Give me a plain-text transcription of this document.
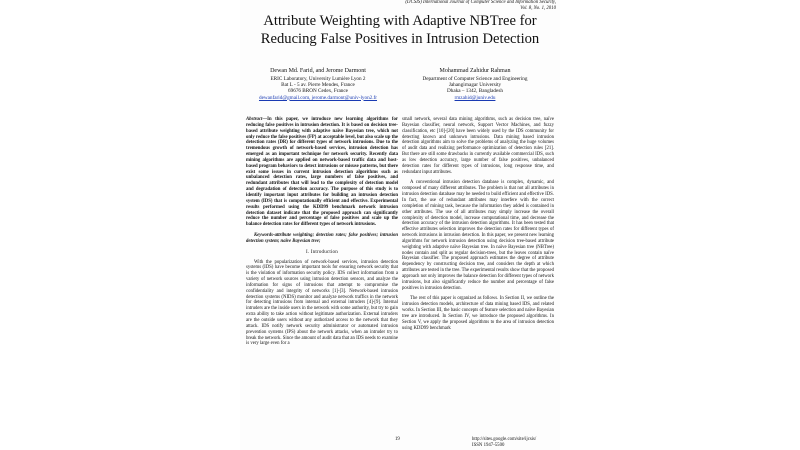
(IJCSIS) International Journal of Computer Science and Information Security,
Vol. 8, No. 1, 2010
Attribute Weighting with Adaptive NBTree for
Reducing False Positives in Intrusion Detection
Dewan Md. Farid, and Jerome Darmont
ERIC Laboratory, University Lumière Lyon 2
Bat L - 5 av. Pierre Mendes, France
69676 BRON Cedex, France
dewanfarid@gmail.com, jerome.darmont@univ-lyon2.fr
Mohammad Zahidur Rahman
Department of Computer Science and Engineering
Jahangirnagar University
Dhaka – 1342, Bangladesh
rmzahid@juniv.edu

Abstract—In this paper, we introduce new learning algorithms for reducing false positives in intrusion detection. It is based on decision tree-based attribute weighting with adaptive naïve Bayesian tree, which not only reduce the false positives (FP) at acceptable level, but also scale up the detection rates (DR) for different types of network intrusions. Due to the tremendous growth of network-based services, intrusion detection has emerged as an important technique for network security. Recently data mining algorithms are applied on network-based traffic data and host-based program behaviors to detect intrusions or misuse patterns, but there exist some issues in current intrusion detection algorithms such as unbalanced detection rates, large numbers of false positives, and redundant attributes that will lead to the complexity of detection model and degradation of detection accuracy. The purpose of this study is to identify important input attributes for building an intrusion detection system (IDS) that is computationally efficient and effective. Experimental results performed using the KDD99 benchmark network intrusion detection dataset indicate that the proposed approach can significantly reduce the number and percentage of false positives and scale up the balance detection rates for different types of network intrusions.

Keywords-attribute weighting; detection rates; false positives; intrusion detection system; naïve Bayesian tree;

I. Introduction

With the popularization of network-based services, intrusion detection systems (IDS) have become important tools for ensuring network security that is the violation of information security policy. IDS collect information from a variety of network sources using intrusion detection sensors, and analyze the information for signs of intrusions that attempt to compromise the confidentiality and integrity of networks [1]-[3]. Network-based intrusion detection systems (NIDS) monitor and analyze network traffics in the network for detecting intrusions from internal and external intruders [4]-[9]. Internal intruders are the inside users in the network with some authority, but try to gain extra ability to take action without legitimate authorization. External intruders are the outside users without any authorized access to the network that they attack. IDS notify network security administrator or automated intrusion prevention systems (IPS) about the network attacks, when an intruder try to break the network. Since the amount of audit data that an IDS needs to examine is very large even for a

small network, several data mining algorithms, such as decision tree, naïve Bayesian classifier, neural network, Support Vector Machines, and fuzzy classification, etc [10]-[20] have been widely used by the IDS community for detecting known and unknown intrusions. Data mining based intrusion detection algorithms aim to solve the problems of analyzing the huge volumes of audit data and realizing performance optimization of detection rules [21]. But there are still some drawbacks in currently available commercial IDS, such as low detection accuracy, large number of false positives, unbalanced detection rates for different types of intrusions, long response time, and redundant input attributes.

A conventional intrusion detection database is complex, dynamic, and composed of many different attributes. The problem is that not all attributes in intrusion detection database may be needed to build efficient and effective IDS. In fact, the use of redundant attributes may interfere with the correct completion of mining task, because the information they added is contained in other attributes. The use of all attributes may simply increase the overall complexity of detection model, increase computational time, and decrease the detection accuracy of the intrusion detection algorithms. It has been tested that effective attributes selection improves the detection rates for different types of network intrusions in intrusion detection. In this paper, we present new learning algorithms for network intrusion detection using decision tree-based attribute weighting with adaptive naïve Bayesian tree. In naïve Bayesian tree (NBTree) nodes contain and split as regular decision-trees, but the leaves contain naïve Bayesian classifier. The proposed approach estimates the degree of attribute dependency by constructing decision tree, and considers the depth at which attributes are tested in the tree. The experimental results show that the proposed approach not only improves the balance detection for different types of network intrusions, but also significantly reduce the number and percentage of false positives in intrusion detection.

The rest of this paper is organized as follows. In Section II, we outline the intrusion detection models, architecture of data mining based IDS, and related works. In Section III, the basic concepts of feature selection and naïve Bayesian tree are introduced. In Section IV, we introduce the proposed algorithms. In Section V, we apply the proposed algorithms to the area of intrusion detection using KDD99 benchmark

19	http://sites.google.com/site/ijcsis/
ISSN 1947-5500
